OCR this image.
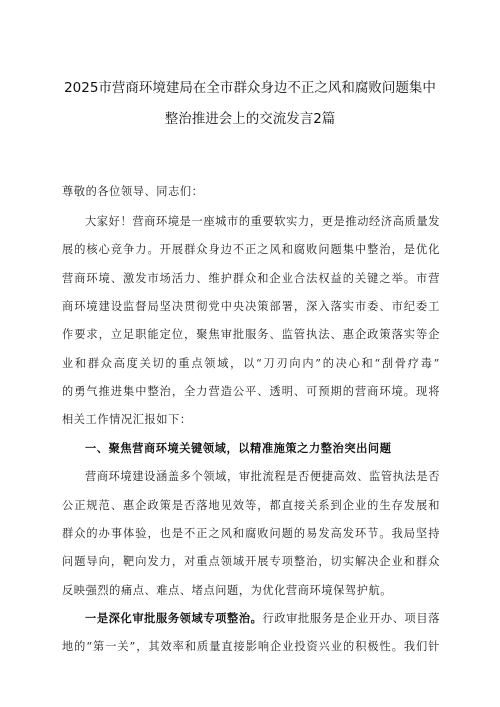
2025市营商环境建局在全市群众身边不正之风和腐败问题集中
整治推进会上的交流发言2篇
尊敬的各位领导、同志们：
大家好！营商环境是一座城市的重要软实力，更是推动经济高质量发
展的核心竞争力。开展群众身边不正之风和腐败问题集中整治，是优化
营商环境、激发市场活力、维护群众和企业合法权益的关键之举。市营
商环境建设监督局坚决贯彻党中央决策部署，深入落实市委、市纪委工
作要求，立足职能定位，聚焦审批服务、监管执法、惠企政策落实等企
业和群众高度关切的重点领域，以“刀刃向内”的决心和“刮骨疗毒”
的勇气推进集中整治，全力营造公平、透明、可预期的营商环境。现将
相关工作情况汇报如下：
一、聚焦营商环境关键领域，以精准施策之力整治突出问题
营商环境建设涵盖多个领域，审批流程是否便捷高效、监管执法是否
公正规范、惠企政策是否落地见效等，都直接关系到企业的生存发展和
群众的办事体验，也是不正之风和腐败问题的易发高发环节。我局坚持
问题导向，靶向发力，对重点领域开展专项整治，切实解决企业和群众
反映强烈的痛点、难点、堵点问题，为优化营商环境保驾护航。
一是深化审批服务领域专项整治。行政审批服务是企业开办、项目落
地的“第一关”，其效率和质量直接影响企业投资兴业的积极性。我们针
